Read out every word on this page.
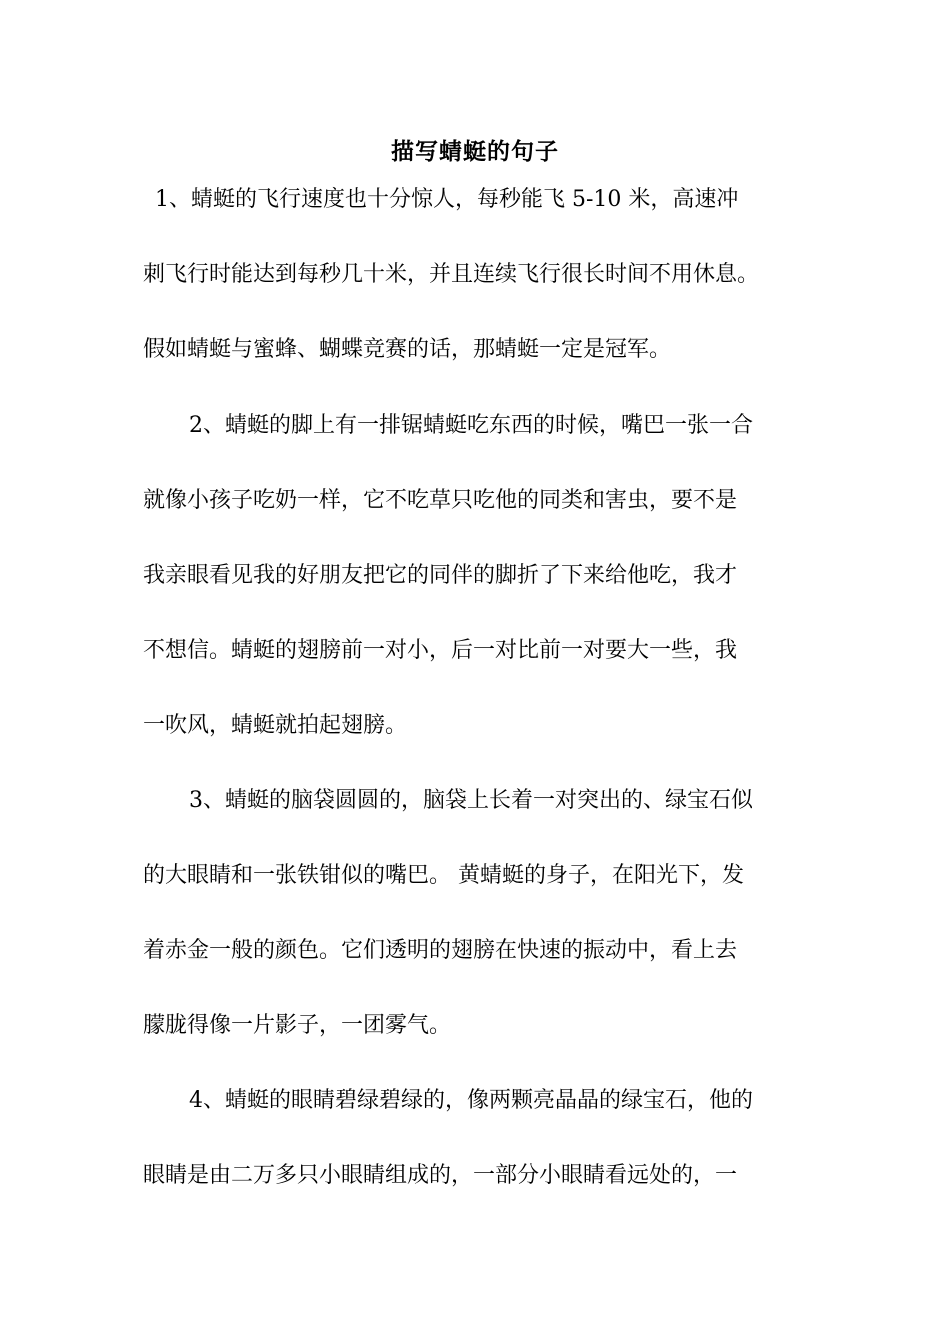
描写蜻蜓的句子
1、蜻蜓的飞行速度也十分惊人，每秒能飞 5-10 米，高速冲
刺飞行时能达到每秒几十米，并且连续飞行很长时间不用休息。
假如蜻蜓与蜜蜂、蝴蝶竞赛的话，那蜻蜓一定是冠军。
2、蜻蜓的脚上有一排锯蜻蜓吃东西的时候，嘴巴一张一合
就像小孩子吃奶一样，它不吃草只吃他的同类和害虫，要不是
我亲眼看见我的好朋友把它的同伴的脚折了下来给他吃，我才
不想信。蜻蜓的翅膀前一对小，后一对比前一对要大一些，我
一吹风，蜻蜓就拍起翅膀。
3、蜻蜓的脑袋圆圆的，脑袋上长着一对突出的、绿宝石似
的大眼睛和一张铁钳似的嘴巴。 黄蜻蜓的身子，在阳光下，发
着赤金一般的颜色。它们透明的翅膀在快速的振动中，看上去
朦胧得像一片影子，一团雾气。
4、蜻蜓的眼睛碧绿碧绿的，像两颗亮晶晶的绿宝石，他的
眼睛是由二万多只小眼睛组成的，一部分小眼睛看远处的，一
